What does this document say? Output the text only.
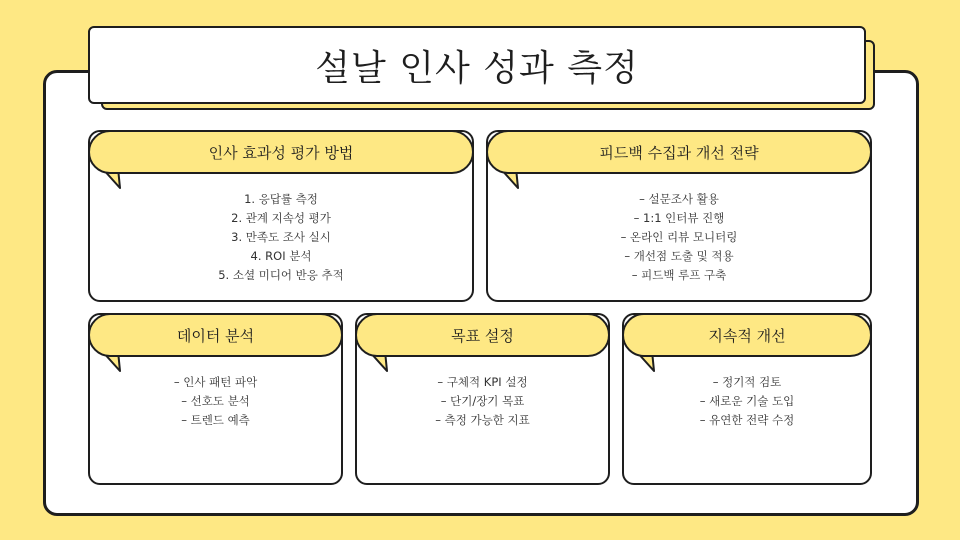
설날 인사 성과 측정
인사 효과성 평가 방법
1. 응답률 측정
2. 관계 지속성 평가
3. 만족도 조사 실시
4. ROI 분석
5. 소셜 미디어 반응 추적
피드백 수집과 개선 전략
– 설문조사 활용
– 1:1 인터뷰 진행
– 온라인 리뷰 모니터링
– 개선점 도출 및 적용
– 피드백 루프 구축
데이터 분석
– 인사 패턴 파악
– 선호도 분석
– 트렌드 예측
목표 설정
– 구체적 KPI 설정
– 단기/장기 목표
– 측정 가능한 지표
지속적 개선
– 정기적 검토
– 새로운 기술 도입
– 유연한 전략 수정
